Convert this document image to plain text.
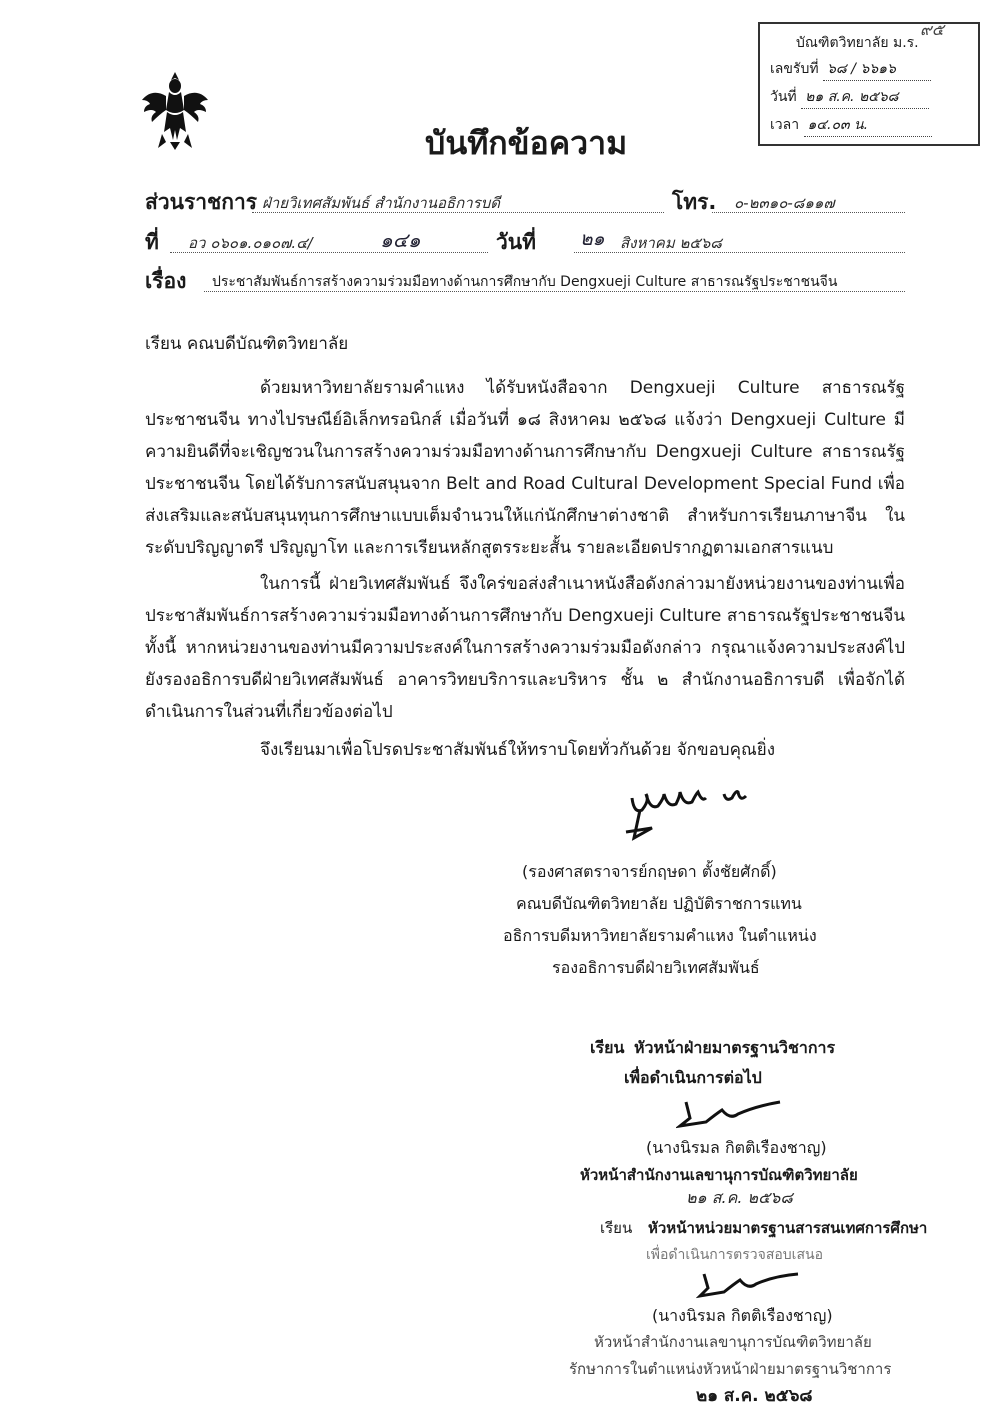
๙๕
บัณฑิตวิทยาลัย ม.ร.
เลขรับที่ ๖๘ / ๖๖๑๖
วันที่ ๒๑ ส.ค. ๒๕๖๘
เวลา ๑๔.๐๓ น.
บันทึกข้อความ
ส่วนราชการ ฝ่ายวิเทศสัมพันธ์ สำนักงานอธิการบดี	โทร. ๐-๒๓๑๐-๘๑๑๗
ที่ อว ๐๖๐๑.๐๑๐๗.๔/	๑๔๑	วันที่ ๒๑ สิงหาคม ๒๕๖๘
เรื่อง ประชาสัมพันธ์การสร้างความร่วมมือทางด้านการศึกษากับ Dengxueji Culture สาธารณรัฐประชาชนจีน
เรียน คณบดีบัณฑิตวิทยาลัย
ด้วยมหาวิทยาลัยรามคำแหง ได้รับหนังสือจาก Dengxueji Culture สาธารณรัฐประชาชนจีน ทางไปรษณีย์อิเล็กทรอนิกส์ เมื่อวันที่ ๑๘ สิงหาคม ๒๕๖๘ แจ้งว่า Dengxueji Culture มีความยินดีที่จะเชิญชวนในการสร้างความร่วมมือทางด้านการศึกษากับ Dengxueji Culture สาธารณรัฐประชาชนจีน โดยได้รับการสนับสนุนจาก Belt and Road Cultural Development Special Fund เพื่อส่งเสริมและสนับสนุนทุนการศึกษาแบบเต็มจำนวนให้แก่นักศึกษาต่างชาติ สำหรับการเรียนภาษาจีน ในระดับปริญญาตรี ปริญญาโท และการเรียนหลักสูตรระยะสั้น รายละเอียดปรากฏตามเอกสารแนบ
ในการนี้ ฝ่ายวิเทศสัมพันธ์ จึงใคร่ขอส่งสำเนาหนังสือดังกล่าวมายังหน่วยงานของท่านเพื่อประชาสัมพันธ์การสร้างความร่วมมือทางด้านการศึกษากับ Dengxueji Culture สาธารณรัฐประชาชนจีน ทั้งนี้ หากหน่วยงานของท่านมีความประสงค์ในการสร้างความร่วมมือดังกล่าว กรุณาแจ้งความประสงค์ไปยังรองอธิการบดีฝ่ายวิเทศสัมพันธ์ อาคารวิทยบริการและบริหาร ชั้น ๒ สำนักงานอธิการบดี เพื่อจักได้ดำเนินการในส่วนที่เกี่ยวข้องต่อไป
จึงเรียนมาเพื่อโปรดประชาสัมพันธ์ให้ทราบโดยทั่วกันด้วย จักขอบคุณยิ่ง
(รองศาสตราจารย์กฤษดา ตั้งชัยศักดิ์)
คณบดีบัณฑิตวิทยาลัย ปฏิบัติราชการแทน
อธิการบดีมหาวิทยาลัยรามคำแหง ในตำแหน่ง
รองอธิการบดีฝ่ายวิเทศสัมพันธ์
เรียน หัวหน้าฝ่ายมาตรฐานวิชาการ
เพื่อดำเนินการต่อไป
(นางนิรมล กิตติเรืองชาญ)
หัวหน้าสำนักงานเลขานุการบัณฑิตวิทยาลัย
๒๑ ส.ค. ๒๕๖๘
เรียน หัวหน้าหน่วยมาตรฐานสารสนเทศการศึกษา
เพื่อดำเนินการตรวจสอบเสนอ
(นางนิรมล กิตติเรืองชาญ)
หัวหน้าสำนักงานเลขานุการบัณฑิตวิทยาลัย
รักษาการในตำแหน่งหัวหน้าฝ่ายมาตรฐานวิชาการ
๒๑ ส.ค. ๒๕๖๘
